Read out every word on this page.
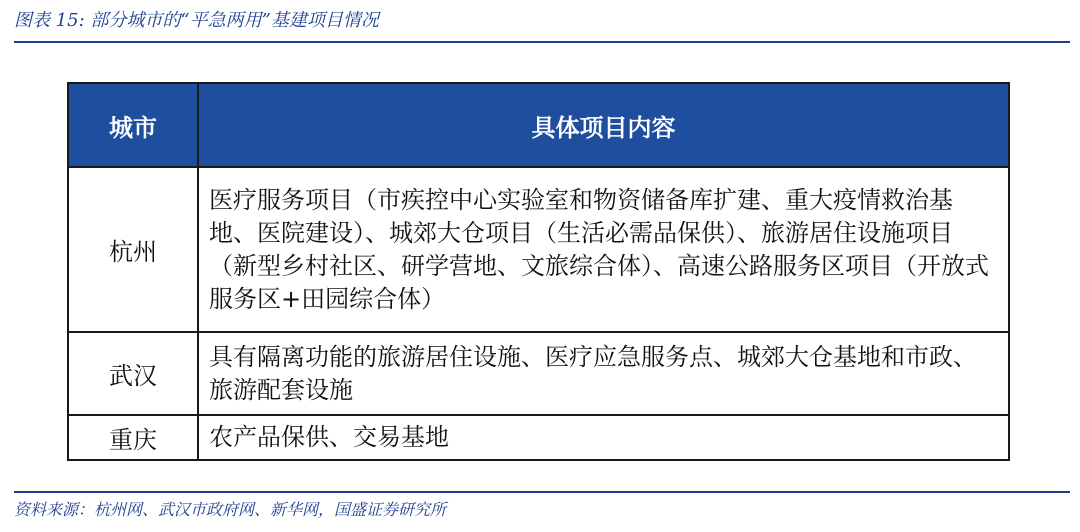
图表 15: 部分城市的“平急两用”基建项目情况
城市	具体项目内容
杭州	医疗服务项目（市疾控中心实验室和物资储备库扩建、重大疫情救治基地、医院建设）、城郊大仓项目（生活必需品保供）、旅游居住设施项目（新型乡村社区、研学营地、文旅综合体）、高速公路服务区项目（开放式服务区+田园综合体）
武汉	具有隔离功能的旅游居住设施、医疗应急服务点、城郊大仓基地和市政、旅游配套设施
重庆	农产品保供、交易基地
资料来源：杭州网、武汉市政府网、新华网，国盛证券研究所
